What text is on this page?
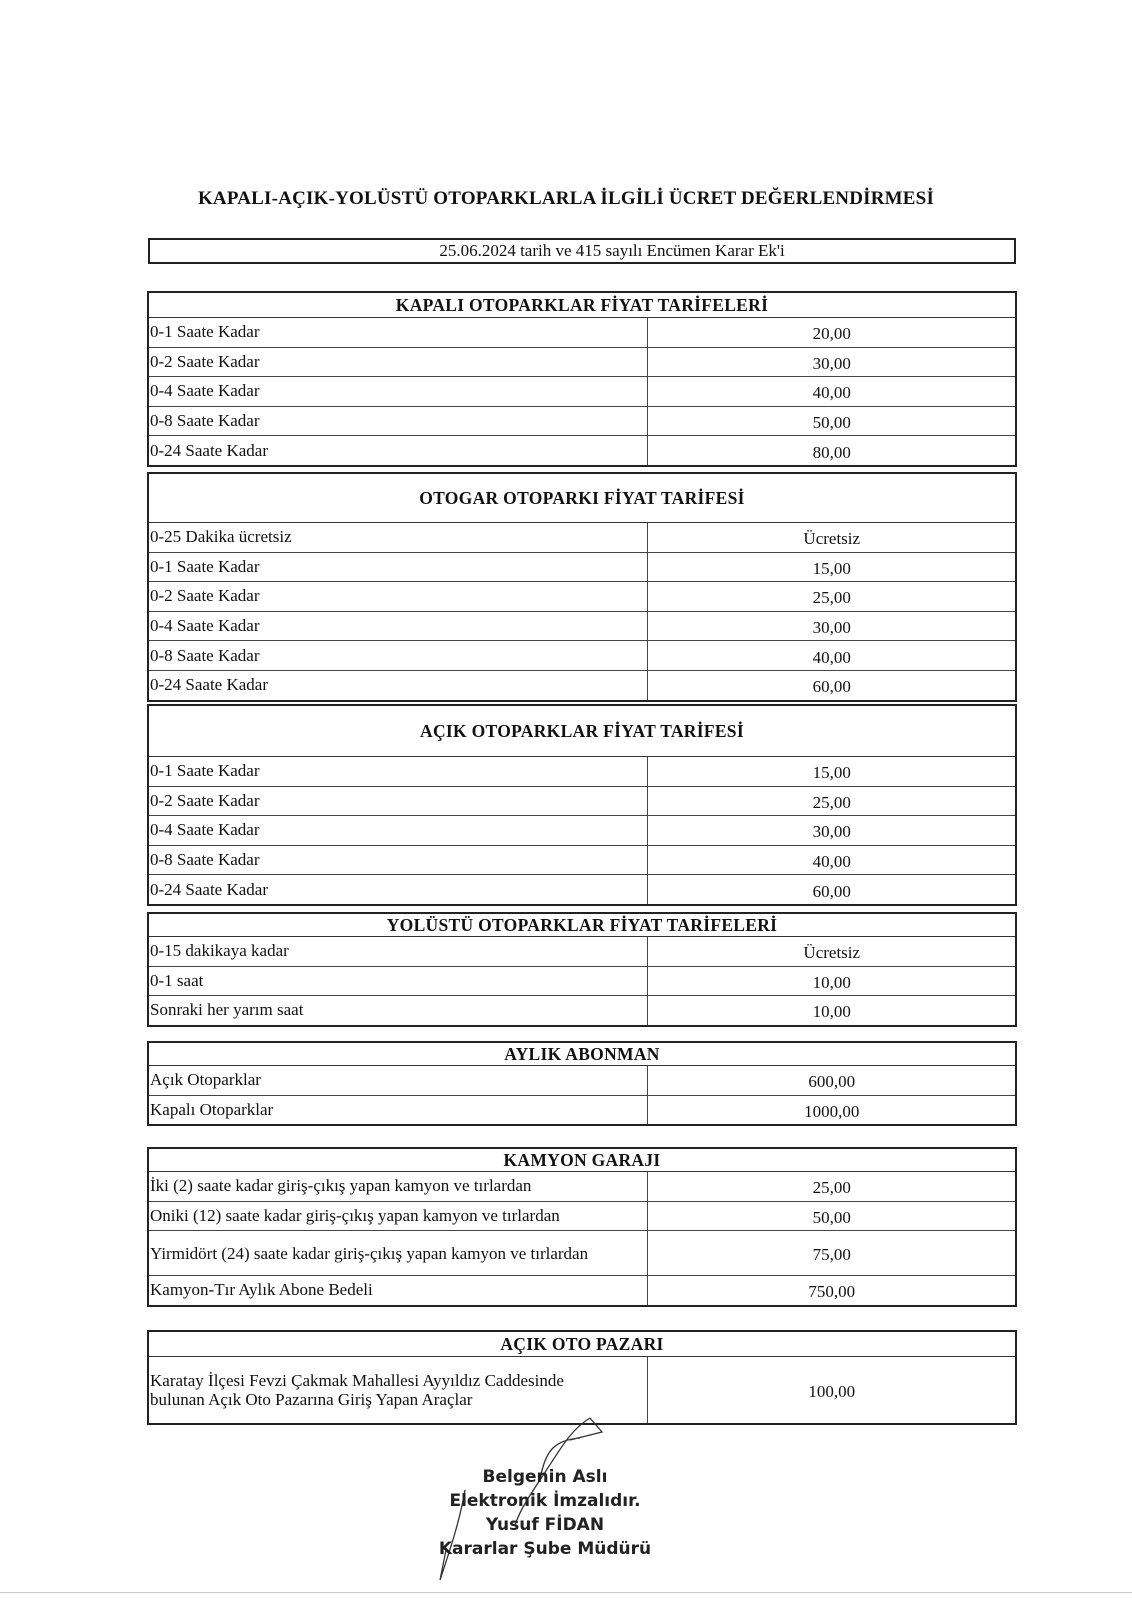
KAPALI-AÇIK-YOLÜSTÜ OTOPARKLARLA İLGİLİ ÜCRET DEĞERLENDİRMESİ
25.06.2024 tarih ve 415 sayılı Encümen Karar Ek'i
KAPALI OTOPARKLAR FİYAT TARİFELERİ	
0-1 Saate Kadar	20,00
0-2 Saate Kadar	30,00
0-4 Saate Kadar	40,00
0-8 Saate Kadar	50,00
0-24 Saate Kadar	80,00
OTOGAR OTOPARKI FİYAT TARİFESİ	
0-25 Dakika ücretsiz	Ücretsiz
0-1 Saate Kadar	15,00
0-2 Saate Kadar	25,00
0-4 Saate Kadar	30,00
0-8 Saate Kadar	40,00
0-24 Saate Kadar	60,00
AÇIK OTOPARKLAR FİYAT TARİFESİ	
0-1 Saate Kadar	15,00
0-2 Saate Kadar	25,00
0-4 Saate Kadar	30,00
0-8 Saate Kadar	40,00
0-24 Saate Kadar	60,00
YOLÜSTÜ OTOPARKLAR FİYAT TARİFELERİ	
0-15 dakikaya kadar	Ücretsiz
0-1 saat	10,00
Sonraki her yarım saat	10,00
AYLIK ABONMAN	
Açık Otoparklar	600,00
Kapalı Otoparklar	1000,00
KAMYON GARAJI	
İki (2) saate kadar giriş-çıkış yapan kamyon ve tırlardan	25,00
Oniki (12) saate kadar giriş-çıkış yapan kamyon ve tırlardan	50,00
Yirmidört (24) saate kadar giriş-çıkış yapan kamyon ve tırlardan	75,00
Kamyon-Tır Aylık Abone Bedeli	750,00
AÇIK OTO PAZARI
Karatay İlçesi Fevzi Çakmak Mahallesi Ayyıldız Caddesinde bulunan Açık Oto Pazarına Giriş Yapan Araçlar	100,00
Belgenin Aslı
Elektronik İmzalıdır.
Yusuf FİDAN
Kararlar Şube Müdürü
